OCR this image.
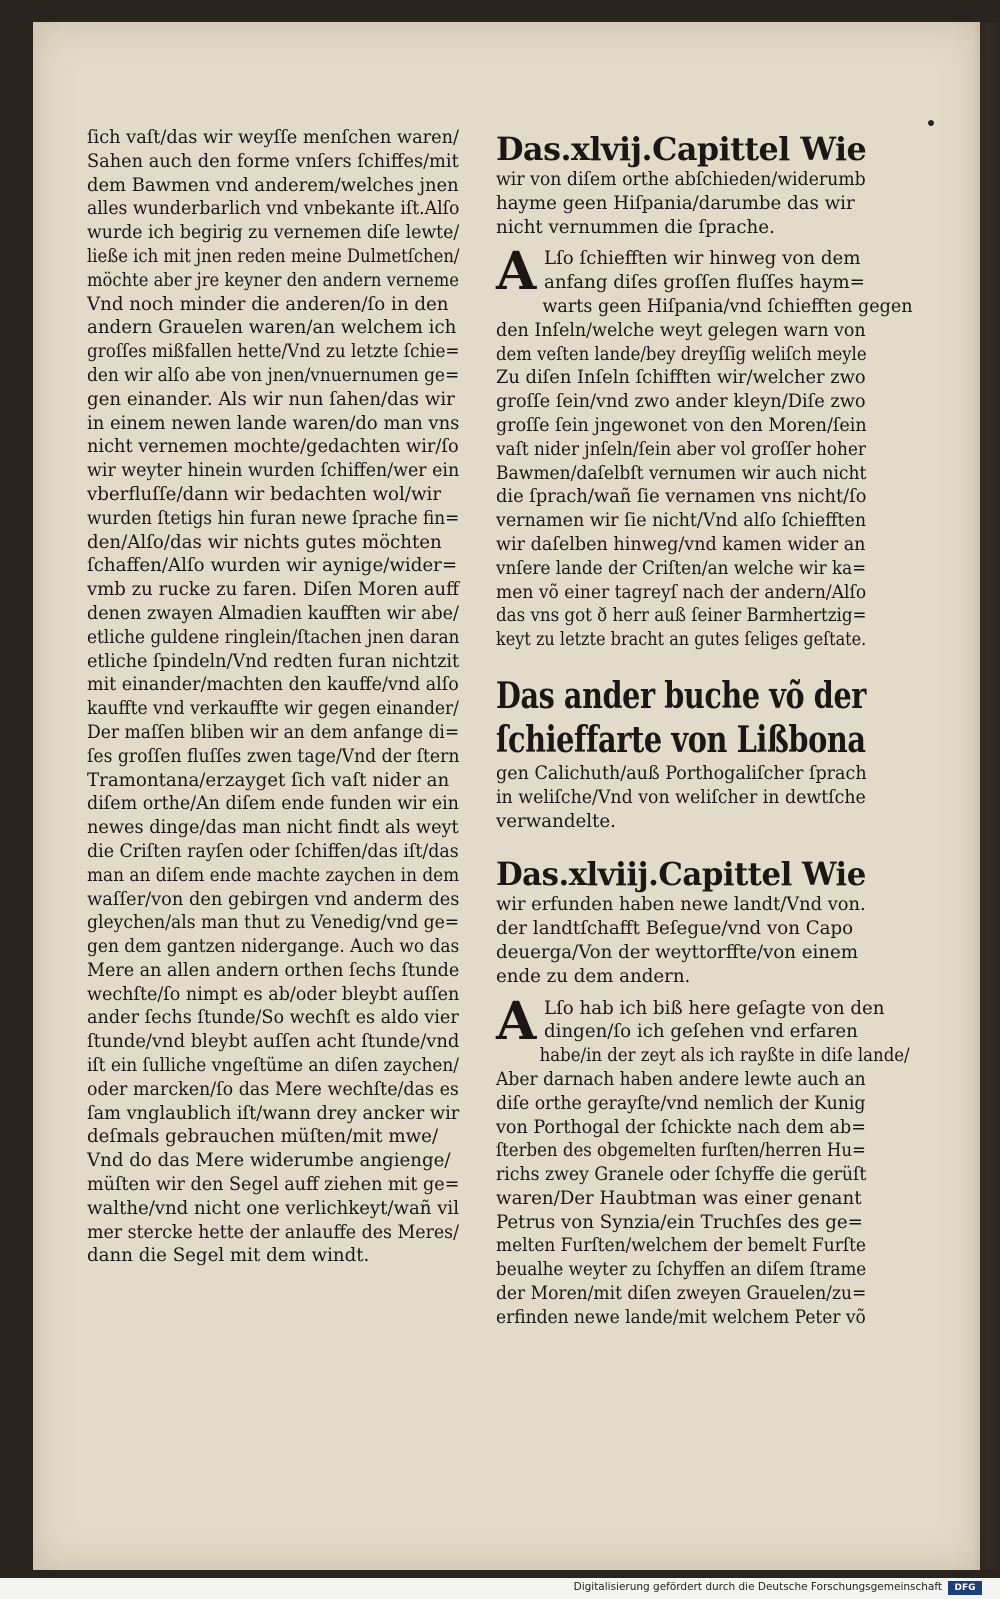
ſich vaſt/das wir weyſſe menſchen waren/
Sahen auch den forme vnſers ſchiffes/mit
dem Bawmen vnd anderem/welches jnen
alles wunderbarlich vnd vnbekante iſt.Alſo
wurde ich begirig zu vernemen diſe lewte/
ließe ich mit jnen reden meine Dulmetſchen/
möchte aber jre keyner den andern verneme
Vnd noch minder die anderen/ſo in den
andern Grauelen waren/an welchem ich
groſſes mißfallen hette/Vnd zu letzte ſchie=
den wir alſo abe von jnen/vnuernumen ge=
gen einander. Als wir nun ſahen/das wir
in einem newen lande waren/do man vns
nicht vernemen mochte/gedachten wir/ſo
wir weyter hinein wurden ſchiffen/wer ein
vberfluſſe/dann wir bedachten wol/wir
wurden ſtetigs hin furan newe ſprache fin=
den/Alſo/das wir nichts gutes möchten
ſchaffen/Alſo wurden wir aynige/wider=
vmb zu rucke zu faren. Diſen Moren auff
denen zwayen Almadien kaufften wir abe/
etliche guldene ringlein/ſtachen jnen daran
etliche ſpindeln/Vnd redten furan nichtzit
mit einander/machten den kauffe/vnd alſo
kauffte vnd verkauffte wir gegen einander/
Der maſſen bliben wir an dem anfange di=
ſes groſſen fluſſes zwen tage/Vnd der ſtern
Tramontana/erzayget ſich vaſt nider an
diſem orthe/An diſem ende funden wir ein
newes dinge/das man nicht findt als weyt
die Criſten rayſen oder ſchiffen/das iſt/das
man an diſem ende machte zaychen in dem
waſſer/von den gebirgen vnd anderm des
gleychen/als man thut zu Venedig/vnd ge=
gen dem gantzen nidergange. Auch wo das
Mere an allen andern orthen ſechs ſtunde
wechſte/ſo nimpt es ab/oder bleybt auſſen
ander ſechs ſtunde/So wechſt es aldo vier
ſtunde/vnd bleybt auſſen acht ſtunde/vnd
iſt ein ſulliche vngeſtüme an diſen zaychen/
oder marcken/ſo das Mere wechſte/das es
ſam vnglaublich iſt/wann drey ancker wir
deſmals gebrauchen müſten/mit mwe/
Vnd do das Mere widerumbe angienge/
müſten wir den Segel auff ziehen mit ge=
walthe/vnd nicht one verlichkeyt/wañ vil
mer stercke hette der anlauffe des Meres/
dann die Segel mit dem windt.
Das.xlvij.Capittel Wie
wir von diſem orthe abſchieden/widerumb
hayme geen Hiſpania/darumbe das wir
nicht vernummen die ſprache.
A Lſo ſchiefften wir hinweg von dem
anfang diſes groſſen fluſſes haym=
warts geen Hiſpania/vnd ſchiefften gegen
den Inſeln/welche weyt gelegen warn von
dem veſten lande/bey dreyſſig weliſch meyle
Zu diſen Inſeln ſchifften wir/welcher zwo
groſſe ſein/vnd zwo ander kleyn/Diſe zwo
groſſe ſein jngewonet von den Moren/ſein
vaſt nider jnſeln/ſein aber vol groſſer hoher
Bawmen/daſelbſt vernumen wir auch nicht
die ſprach/wañ ſie vernamen vns nicht/ſo
vernamen wir ſie nicht/Vnd alſo ſchiefften
wir daſelben hinweg/vnd kamen wider an
vnſere lande der Criſten/an welche wir ka=
men võ einer tagreyſ nach der andern/Alſo
das vns got ð herr auß ſeiner Barmhertzig=
keyt zu letzte bracht an gutes ſeliges geſtate.
Das ander buche võ der
ſchieffarte von Lißbona
gen Calichuth/auß Porthogaliſcher ſprach
in weliſche/Vnd von weliſcher in dewtſche
verwandelte.
Das.xlviij.Capittel Wie
wir erfunden haben newe landt/Vnd von.
der landtſchafft Beſegue/vnd von Capo
deuerga/Von der weyttorffte/von einem
ende zu dem andern.
A Lſo hab ich biß here geſagte von den
dingen/ſo ich geſehen vnd erfaren
habe/in der zeyt als ich rayßte in diſe lande/
Aber darnach haben andere lewte auch an
diſe orthe gerayſte/vnd nemlich der Kunig
von Porthogal der ſchickte nach dem ab=
ſterben des obgemelten furſten/herren Hu=
richs zwey Granele oder ſchyffe die gerüſt
waren/Der Haubtman was einer genant
Petrus von Synzia/ein Truchſes des ge=
melten Furſten/welchem der bemelt Furſte
beualhe weyter zu ſchyffen an diſem ſtrame
der Moren/mit diſen zweyen Grauelen/zu=
erfinden newe lande/mit welchem Peter võ
Digitalisierung gefördert durch die Deutsche Forschungsgemeinschaft	DFG
